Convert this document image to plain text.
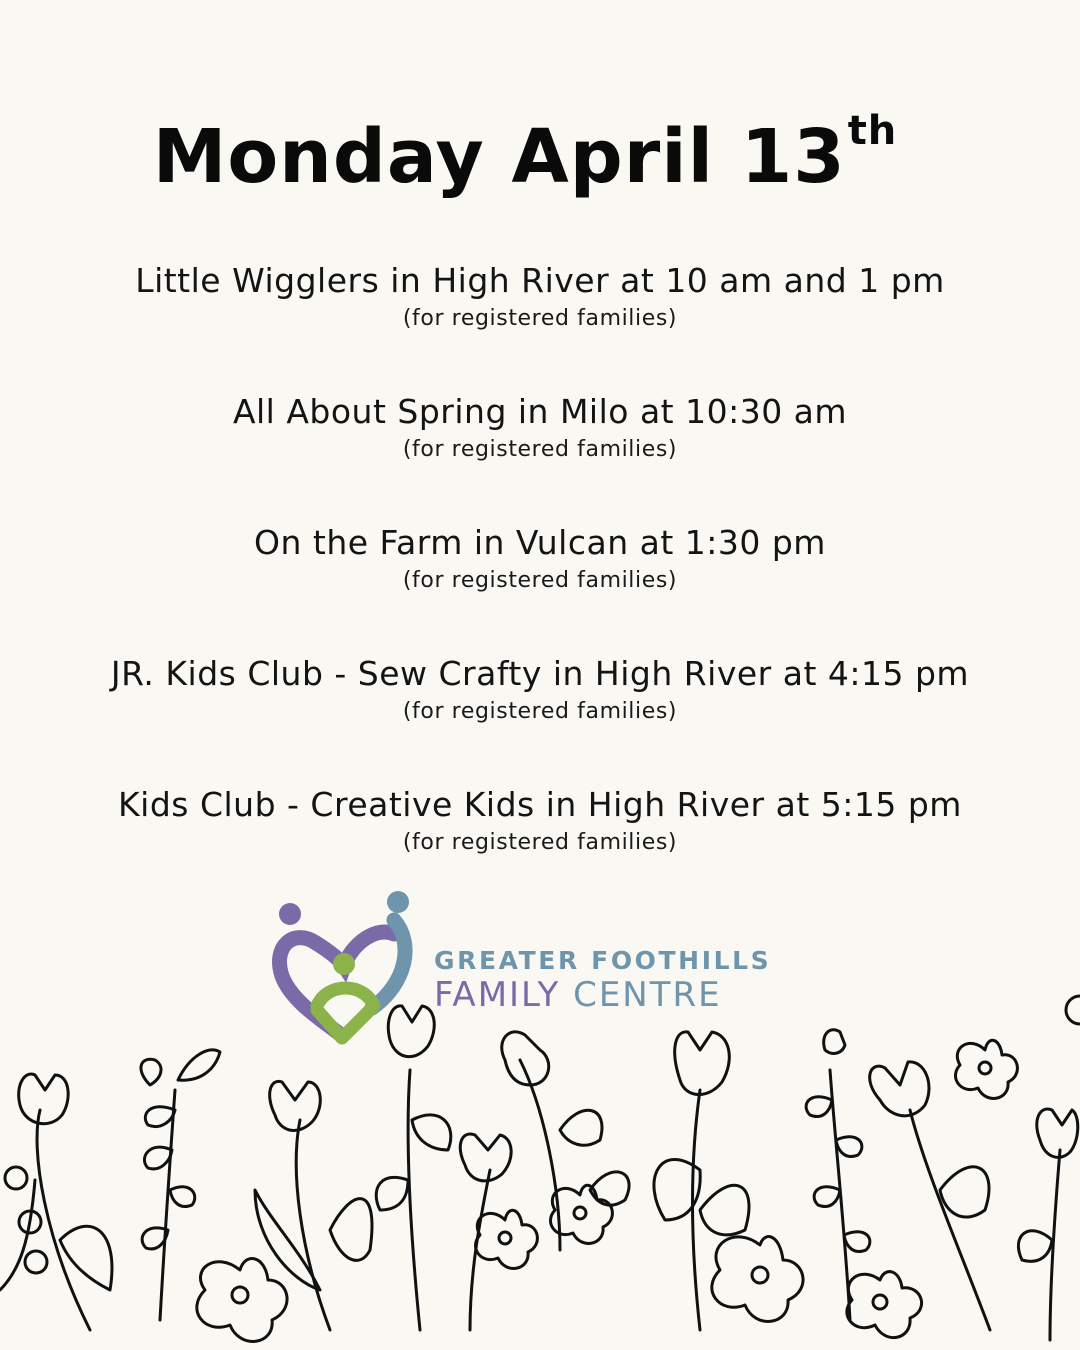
Monday April 13th
Little Wigglers in High River at 10 am and 1 pm
(for registered families)
All About Spring in Milo at 10:30 am
(for registered families)
On the Farm in Vulcan at 1:30 pm
(for registered families)
JR. Kids Club - Sew Crafty in High River at 4:15 pm
(for registered families)
Kids Club - Creative Kids in High River at 5:15 pm
(for registered families)
GREATER FOOTHILLS
FAMILY CENTRE
